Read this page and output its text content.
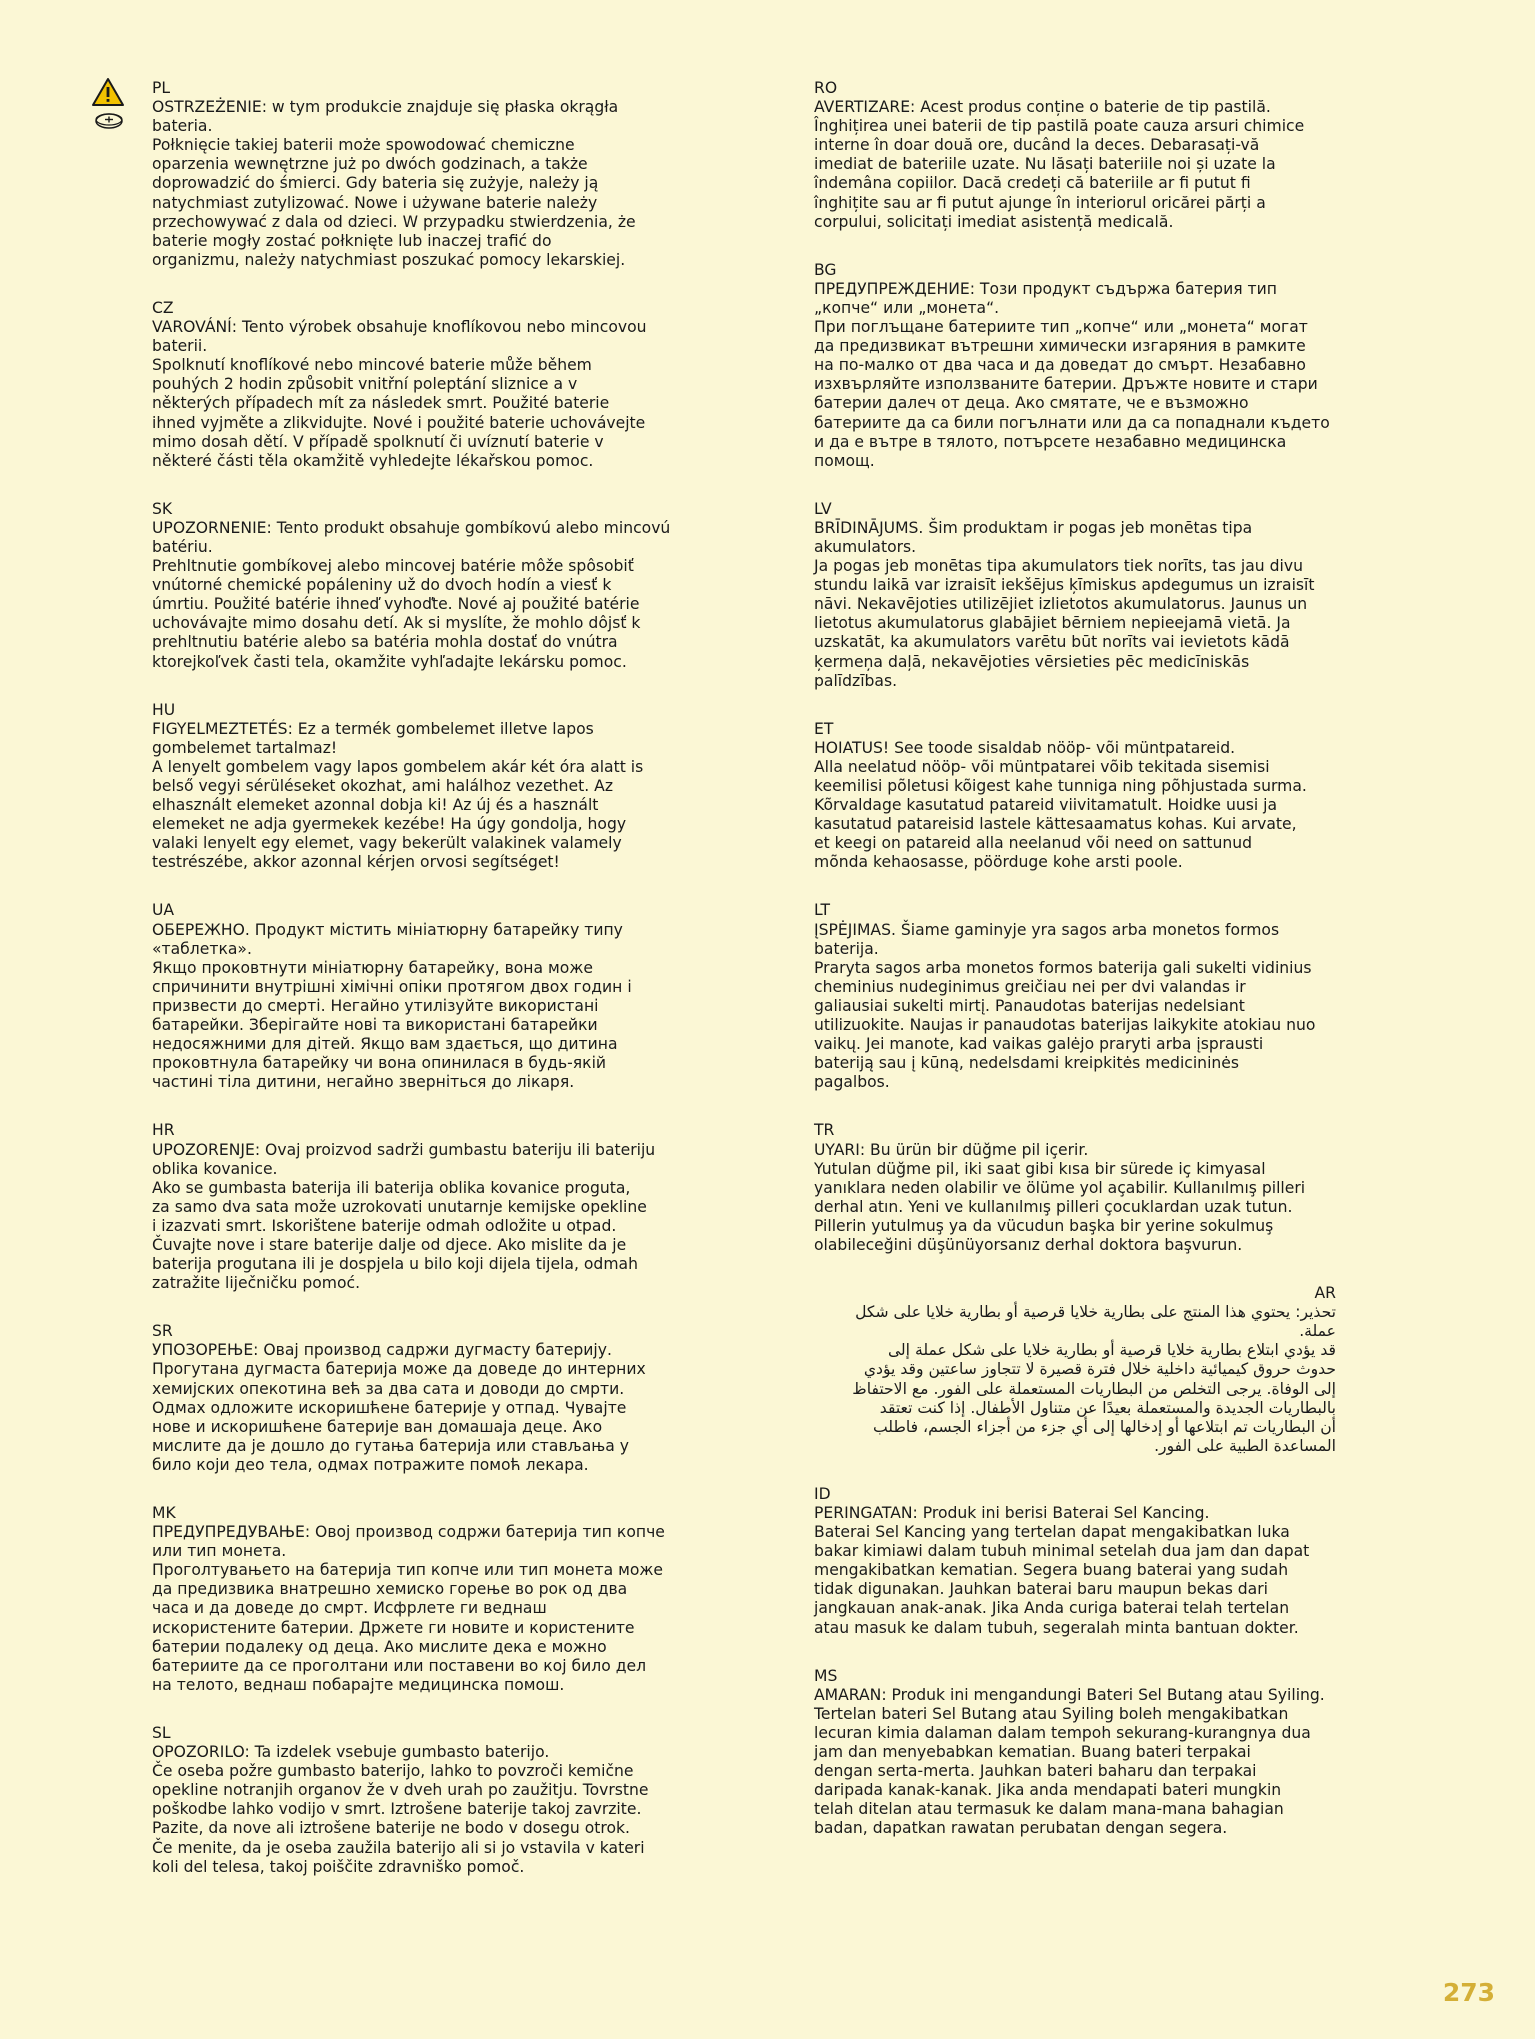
PL
OSTRZEŻENIE: w tym produkcie znajduje się płaska okrągła bateria.
Połknięcie takiej baterii może spowodować chemiczne
oparzenia wewnętrzne już po dwóch godzinach, a także
doprowadzić do śmierci. Gdy bateria się zużyje, należy ją
natychmiast zutylizować. Nowe i używane baterie należy
przechowywać z dala od dzieci. W przypadku stwierdzenia, że
baterie mogły zostać połknięte lub inaczej trafić do
organizmu, należy natychmiast poszukać pomocy lekarskiej.
CZ
VAROVÁNÍ: Tento výrobek obsahuje knoflíkovou nebo mincovou baterii.
Spolknutí knoflíkové nebo mincové baterie může během
pouhých 2 hodin způsobit vnitřní poleptání sliznice a v
některých případech mít za následek smrt. Použité baterie
ihned vyjměte a zlikvidujte. Nové i použité baterie uchovávejte
mimo dosah dětí. V případě spolknutí či uvíznutí baterie v
některé části těla okamžitě vyhledejte lékařskou pomoc.
SK
UPOZORNENIE: Tento produkt obsahuje gombíkovú alebo mincovú batériu.
Prehltnutie gombíkovej alebo mincovej batérie môže spôsobiť
vnútorné chemické popáleniny už do dvoch hodín a viesť k
úmrtiu. Použité batérie ihneď vyhoďte. Nové aj použité batérie
uchovávajte mimo dosahu detí. Ak si myslíte, že mohlo dôjsť k
prehltnutiu batérie alebo sa batéria mohla dostať do vnútra
ktorejkoľvek časti tela, okamžite vyhľadajte lekársku pomoc.
HU
FIGYELMEZTETÉS: Ez a termék gombelemet illetve lapos gombelemet tartalmaz!
A lenyelt gombelem vagy lapos gombelem akár két óra alatt is
belső vegyi sérüléseket okozhat, ami halálhoz vezethet. Az
elhasznált elemeket azonnal dobja ki! Az új és a használt
elemeket ne adja gyermekek kezébe! Ha úgy gondolja, hogy
valaki lenyelt egy elemet, vagy bekerült valakinek valamely
testrészébe, akkor azonnal kérjen orvosi segítséget!
UA
ОБЕРЕЖНО. Продукт містить мініатюрну батарейку типу «таблетка».
Якщо проковтнути мініатюрну батарейку, вона може
спричинити внутрішні хімічні опіки протягом двох годин і
призвести до смерті. Негайно утилізуйте використані
батарейки. Зберігайте нові та використані батарейки
недосяжними для дітей. Якщо вам здається, що дитина
проковтнула батарейку чи вона опинилася в будь-якій
частині тіла дитини, негайно зверніться до лікаря.
HR
UPOZORENJE: Ovaj proizvod sadrži gumbastu bateriju ili bateriju oblika kovanice.
Ako se gumbasta baterija ili baterija oblika kovanice proguta,
za samo dva sata može uzrokovati unutarnje kemijske opekline
i izazvati smrt. Iskorištene baterije odmah odložite u otpad.
Čuvajte nove i stare baterije dalje od djece. Ako mislite da je
baterija progutana ili je dospjela u bilo koji dijela tijela, odmah
zatražite liječničku pomoć.
SR
УПОЗОРЕЊЕ: Овај производ садржи дугмасту батерију.
Прогутана дугмаста батерија може да доведе до интерних
хемијских опекотина већ за два сата и доводи до смрти.
Одмах одложите искоришћене батерије у отпад. Чувајте
нове и искоришћене батерије ван домашаја деце. Ако
мислите да је дошло до гутања батерија или стављања у
било који део тела, одмах потражите помоћ лекара.
MK
ПРЕДУПРЕДУВАЊЕ: Овој производ содржи батерија тип копче или тип монета.
Проголтувањето на батерија тип копче или тип монета може
да предизвика внатрешно хемиско горење во рок од два
часа и да доведе до смрт. Исфрлете ги веднаш
искористените батерии. Држете ги новите и користените
батерии подалеку од деца. Ако мислите дека е можно
батериите да се проголтани или поставени во кој било дел
на телото, веднаш побарајте медицинска помош.
SL
OPOZORILO: Ta izdelek vsebuje gumbasto baterijo.
Če oseba požre gumbasto baterijo, lahko to povzroči kemične
opekline notranjih organov že v dveh urah po zaužitju. Tovrstne
poškodbe lahko vodijo v smrt. Iztrošene baterije takoj zavrzite.
Pazite, da nove ali iztrošene baterije ne bodo v dosegu otrok.
Če menite, da je oseba zaužila baterijo ali si jo vstavila v kateri
koli del telesa, takoj poiščite zdravniško pomoč.
RO
AVERTIZARE: Acest produs conține o baterie de tip pastilă.
Înghițirea unei baterii de tip pastilă poate cauza arsuri chimice
interne în doar două ore, ducând la deces. Debarasați-vă
imediat de bateriile uzate. Nu lăsați bateriile noi și uzate la
îndemâna copiilor. Dacă credeți că bateriile ar fi putut fi
înghițite sau ar fi putut ajunge în interiorul oricărei părți a
corpului, solicitați imediat asistență medicală.
BG
ПРЕДУПРЕЖДЕНИЕ: Този продукт съдържа батерия тип „копче“ или „монета“.
При поглъщане батериите тип „копче“ или „монета“ могат
да предизвикат вътрешни химически изгаряния в рамките
на по-малко от два часа и да доведат до смърт. Незабавно
изхвърляйте използваните батерии. Дръжте новите и стари
батерии далеч от деца. Ако смятате, че е възможно
батериите да са били погълнати или да са попаднали където
и да е вътре в тялото, потърсете незабавно медицинска
помощ.
LV
BRĪDINĀJUMS. Šim produktam ir pogas jeb monētas tipa akumulators.
Ja pogas jeb monētas tipa akumulators tiek norīts, tas jau divu
stundu laikā var izraisīt iekšējus ķīmiskus apdegumus un izraisīt
nāvi. Nekavējoties utilizējiet izlietotos akumulatorus. Jaunus un
lietotus akumulatorus glabājiet bērniem nepieejamā vietā. Ja
uzskatāt, ka akumulators varētu būt norīts vai ievietots kādā
ķermeņa daļā, nekavējoties vērsieties pēc medicīniskās
palīdzības.
ET
HOIATUS! See toode sisaldab nööp- või müntpatareid.
Alla neelatud nööp- või müntpatarei võib tekitada sisemisi
keemilisi põletusi kõigest kahe tunniga ning põhjustada surma.
Kõrvaldage kasutatud patareid viivitamatult. Hoidke uusi ja
kasutatud patareisid lastele kättesaamatus kohas. Kui arvate,
et keegi on patareid alla neelanud või need on sattunud
mõnda kehaosasse, pöörduge kohe arsti poole.
LT
ĮSPĖJIMAS. Šiame gaminyje yra sagos arba monetos formos baterija.
Praryta sagos arba monetos formos baterija gali sukelti vidinius
cheminius nudeginimus greičiau nei per dvi valandas ir
galiausiai sukelti mirtį. Panaudotas baterijas nedelsiant
utilizuokite. Naujas ir panaudotas baterijas laikykite atokiau nuo
vaikų. Jei manote, kad vaikas galėjo praryti arba įsprausti
bateriją sau į kūną, nedelsdami kreipkitės medicininės
pagalbos.
TR
UYARI: Bu ürün bir düğme pil içerir.
Yutulan düğme pil, iki saat gibi kısa bir sürede iç kimyasal
yanıklara neden olabilir ve ölüme yol açabilir. Kullanılmış pilleri
derhal atın. Yeni ve kullanılmış pilleri çocuklardan uzak tutun.
Pillerin yutulmuş ya da vücudun başka bir yerine sokulmuş
olabileceğini düşünüyorsanız derhal doktora başvurun.
AR
تحذير: يحتوي هذا المنتج على بطارية خلايا قرصية أو بطارية خلايا على شكل عملة.
قد يؤدي ابتلاع بطارية خلايا قرصية أو بطارية خلايا على شكل عملة إلى
حدوث حروق كيميائية داخلية خلال فترة قصيرة لا تتجاوز ساعتين وقد يؤدي
إلى الوفاة. يرجى التخلص من البطاريات المستعملة على الفور. مع الاحتفاظ
بالبطاريات الجديدة والمستعملة بعيدًا عن متناول الأطفال. إذا كنت تعتقد
أن البطاريات تم ابتلاعها أو إدخالها إلى أي جزء من أجزاء الجسم، فاطلب
المساعدة الطبية على الفور.
ID
PERINGATAN: Produk ini berisi Baterai Sel Kancing.
Baterai Sel Kancing yang tertelan dapat mengakibatkan luka
bakar kimiawi dalam tubuh minimal setelah dua jam dan dapat
mengakibatkan kematian. Segera buang baterai yang sudah
tidak digunakan. Jauhkan baterai baru maupun bekas dari
jangkauan anak-anak. Jika Anda curiga baterai telah tertelan
atau masuk ke dalam tubuh, segeralah minta bantuan dokter.
MS
AMARAN: Produk ini mengandungi Bateri Sel Butang atau Syiling.
Tertelan bateri Sel Butang atau Syiling boleh mengakibatkan
lecuran kimia dalaman dalam tempoh sekurang-kurangnya dua
jam dan menyebabkan kematian. Buang bateri terpakai
dengan serta-merta. Jauhkan bateri baharu dan terpakai
daripada kanak-kanak. Jika anda mendapati bateri mungkin
telah ditelan atau termasuk ke dalam mana-mana bahagian
badan, dapatkan rawatan perubatan dengan segera.
273
